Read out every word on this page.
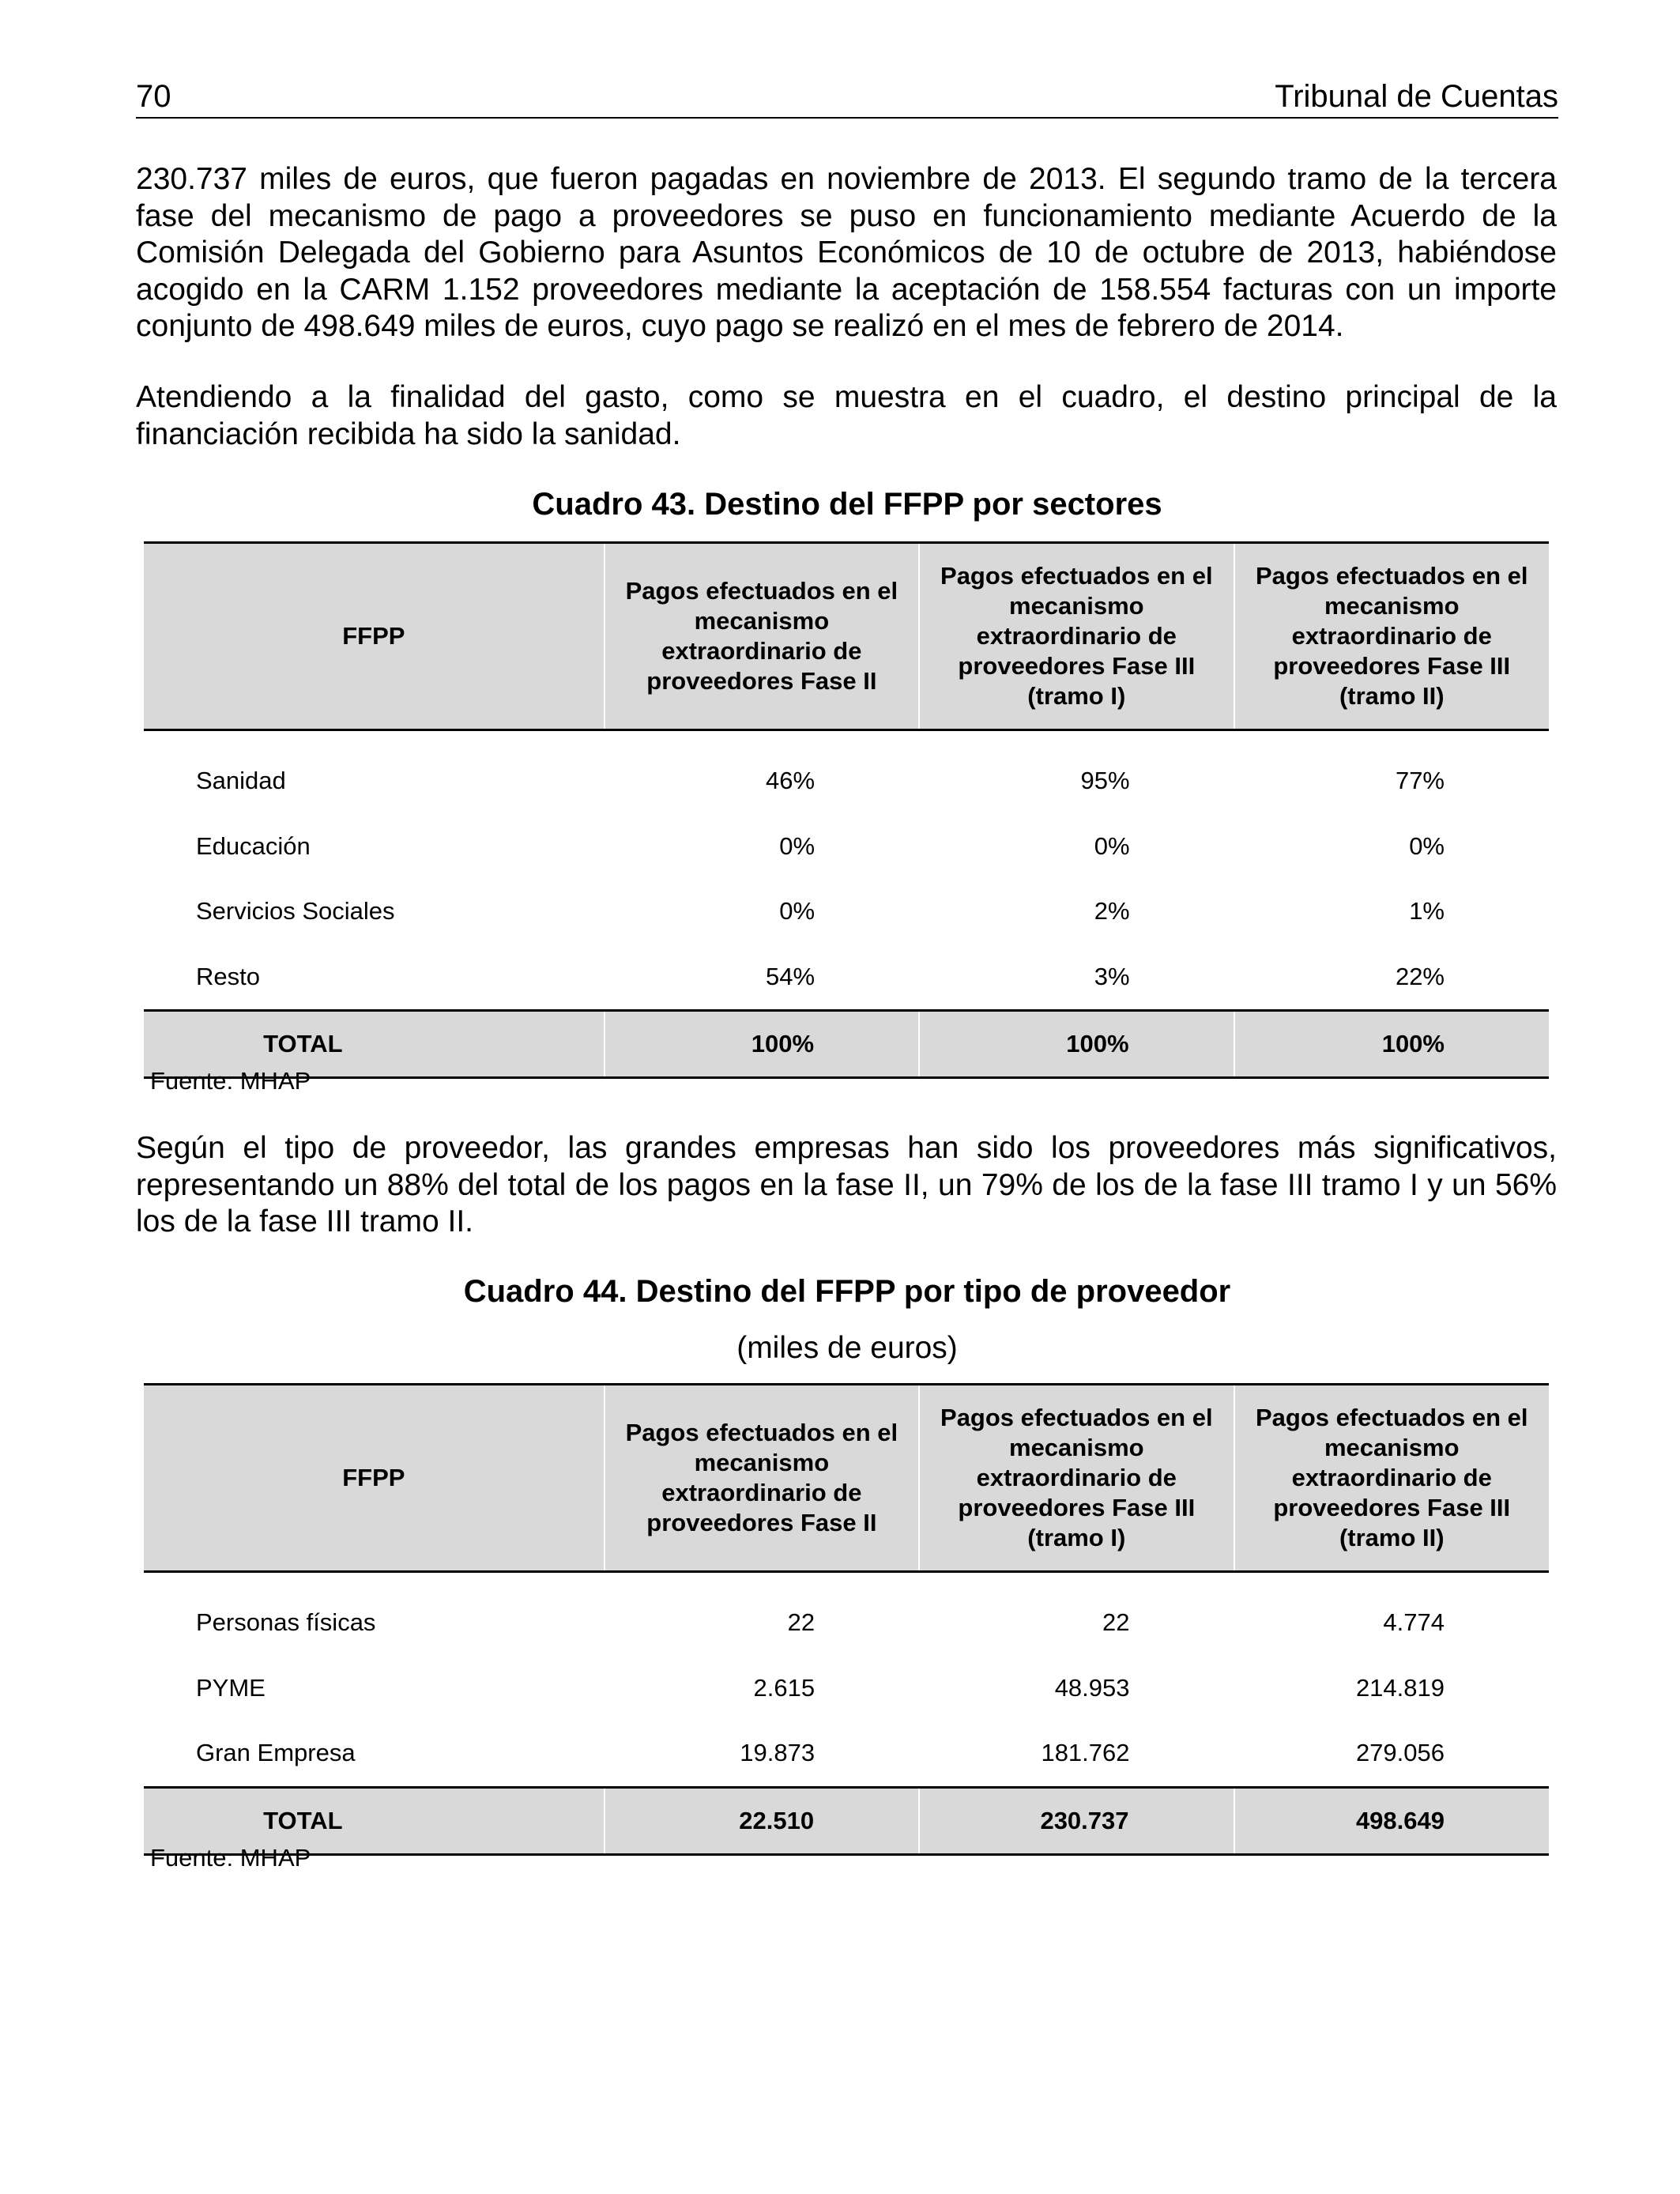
70	Tribunal de Cuentas

230.737 miles de euros, que fueron pagadas en noviembre de 2013. El segundo tramo de la tercera fase del mecanismo de pago a proveedores se puso en funcionamiento mediante Acuerdo de la Comisión Delegada del Gobierno para Asuntos Económicos de 10 de octubre de 2013, habiéndose acogido en la CARM 1.152 proveedores mediante la aceptación de 158.554 facturas con un importe conjunto de 498.649 miles de euros, cuyo pago se realizó en el mes de febrero de 2014.

Atendiendo a la finalidad del gasto, como se muestra en el cuadro, el destino principal de la financiación recibida ha sido la sanidad.

Cuadro 43. Destino del FFPP por sectores

FFPP	Pagos efectuados en el mecanismo extraordinario de proveedores Fase II	Pagos efectuados en el mecanismo extraordinario de proveedores Fase III (tramo I)	Pagos efectuados en el mecanismo extraordinario de proveedores Fase III (tramo II)
Sanidad	46%	95%	77%
Educación	0%	0%	0%
Servicios Sociales	0%	2%	1%
Resto	54%	3%	22%
TOTAL	100%	100%	100%
Fuente: MHAP

Según el tipo de proveedor, las grandes empresas han sido los proveedores más significativos, representando un 88% del total de los pagos en la fase II, un 79% de los de la fase III tramo I y un 56% los de la fase III tramo II.

Cuadro 44. Destino del FFPP por tipo de proveedor

(miles de euros)

FFPP	Pagos efectuados en el mecanismo extraordinario de proveedores Fase II	Pagos efectuados en el mecanismo extraordinario de proveedores Fase III (tramo I)	Pagos efectuados en el mecanismo extraordinario de proveedores Fase III (tramo II)
Personas físicas	22	22	4.774
PYME	2.615	48.953	214.819
Gran Empresa	19.873	181.762	279.056
TOTAL	22.510	230.737	498.649
Fuente: MHAP
